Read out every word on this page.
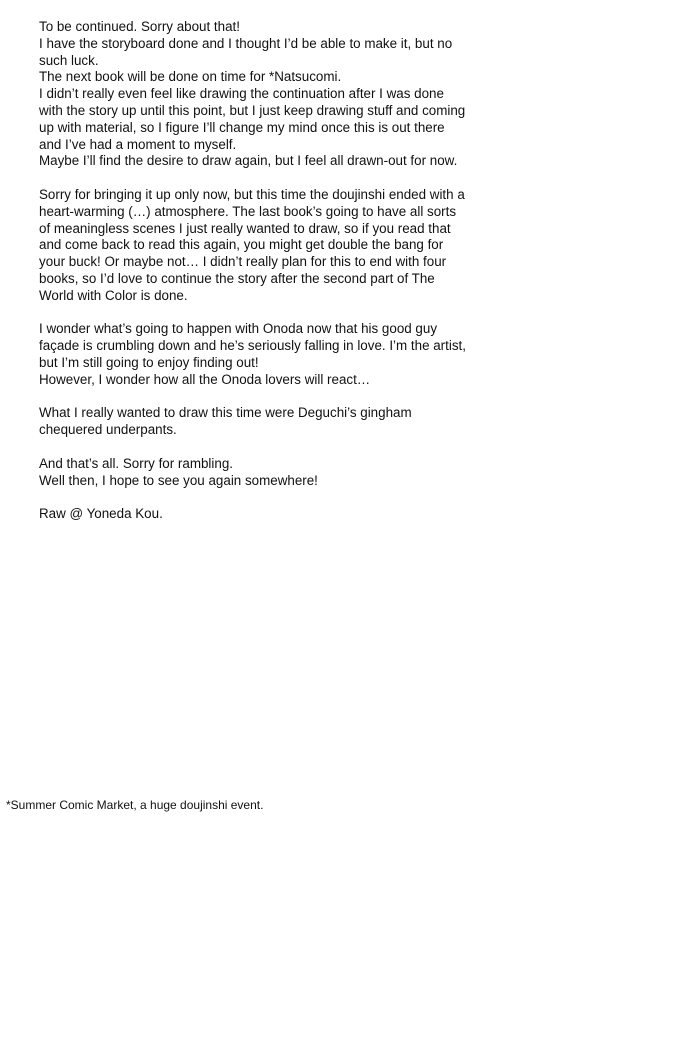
To be continued. Sorry about that!
I have the storyboard done and I thought I’d be able to make it, but no
such luck.
The next book will be done on time for *Natsucomi.
I didn’t really even feel like drawing the continuation after I was done
with the story up until this point, but I just keep drawing stuff and coming
up with material, so I figure I’ll change my mind once this is out there
and I’ve had a moment to myself.
Maybe I’ll find the desire to draw again, but I feel all drawn-out for now.

Sorry for bringing it up only now, but this time the doujinshi ended with a
heart-warming (…) atmosphere. The last book’s going to have all sorts
of meaningless scenes I just really wanted to draw, so if you read that
and come back to read this again, you might get double the bang for
your buck! Or maybe not… I didn’t really plan for this to end with four
books, so I’d love to continue the story after the second part of The
World with Color is done.

I wonder what’s going to happen with Onoda now that his good guy
façade is crumbling down and he’s seriously falling in love. I’m the artist,
but I’m still going to enjoy finding out!
However, I wonder how all the Onoda lovers will react…

What I really wanted to draw this time were Deguchi’s gingham
chequered underpants.

And that’s all. Sorry for rambling.
Well then, I hope to see you again somewhere!

Raw @ Yoneda Kou.

*Summer Comic Market, a huge doujinshi event.
